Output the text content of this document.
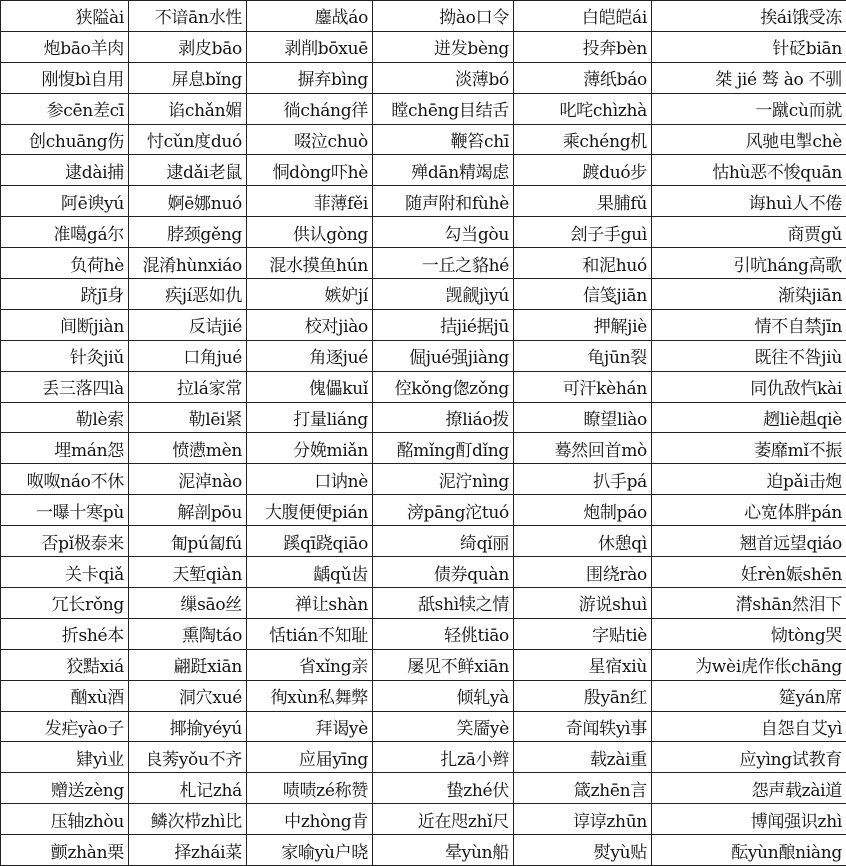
狭隘ài	不谙ān水性	鏖战áo	拗ào口令	白皑皑ái	挨ái饿受冻
炮bāo羊肉	剥皮bāo	剥削bōxuē	迸发bèng	投奔bèn	针砭biān
刚愎bì自用	屏息bǐng	摒弃bìng	淡薄bó	薄纸báo	桀 jié 骜 ào 不驯
参cēn差cī	谄chǎn媚	徜cháng徉	瞠chēng目结舌	叱咤chìzhà	一蹴cù而就
创chuāng伤	忖cǔn度duó	啜泣chuò	鞭笞chī	乘chéng机	风驰电掣chè
逮dài捕	逮dǎi老鼠	恫dòng吓hè	殚dān精竭虑	踱duó步	怙hù恶不悛quān
阿ē谀yú	婀ē娜nuó	菲薄fěi	随声附和fùhè	果脯fǔ	诲huì人不倦
准噶gá尔	脖颈gěng	供认gòng	勾当gòu	刽子手guì	商贾gǔ
负荷hè	混淆hùnxiáo	混水摸鱼hún	一丘之貉hé	和泥huó	引吭háng高歌
跻jī身	疾jí恶如仇	嫉妒jí	觊觎jìyú	信笺jiān	渐染jiān
间断jiàn	反诘jié	校对jiào	拮jié据jū	押解jiè	情不自禁jīn
针灸jiǔ	口角jué	角逐jué	倔jué强jiàng	龟jūn裂	既往不咎jiù
丢三落四là	拉lá家常	傀儡kuǐ	倥kǒng偬zǒng	可汗kèhán	同仇敌忾kài
勒lè索	勒lēi紧	打量liáng	撩liáo拨	瞭望liào	趔liè趄qiè
埋mán怨	愤懑mèn	分娩miǎn	酩mǐng酊dǐng	蓦然回首mò	萎靡mǐ不振
呶呶náo不休	泥淖nào	口讷nè	泥泞nìng	扒手pá	迫pǎi击炮
一曝十寒pù	解剖pōu	大腹便便pián	滂pāng沱tuó	炮制páo	心宽体胖pán
否pǐ极泰来	匍pú匐fú	蹊qī跷qiāo	绮qǐ丽	休憩qì	翘首远望qiáo
关卡qiǎ	天堑qiàn	龋qǔ齿	债券quàn	围绕rào	妊rèn娠shēn
冗长rǒng	缫sāo丝	禅让shàn	舐shì犊之情	游说shuì	潸shān然泪下
折shé本	熏陶táo	恬tián不知耻	轻佻tiāo	字贴tiè	恸tòng哭
狡黠xiá	翩跹xiān	省xǐng亲	屡见不鲜xiān	星宿xiù	为wèi虎作伥chāng
酗xù酒	洞穴xué	徇xùn私舞弊	倾轧yà	殷yān红	筵yán席
发疟yào子	揶揄yéyú	拜谒yè	笑靥yè	奇闻轶yì事	自怨自艾yì
肄yì业	良莠yǒu不齐	应届yīng	扎zā小辫	载zài重	应yìng试教育
赠送zèng	札记zhá	啧啧zé称赞	蛰zhé伏	箴zhēn言	怨声载zài道
压轴zhòu	鳞次栉zhì比	中zhòng肯	近在咫zhǐ尺	谆谆zhūn	博闻强识zhì
颤zhàn栗	择zhái菜	家喻yù户晓	晕yùn船	熨yù贴	酝yùn酿niàng
